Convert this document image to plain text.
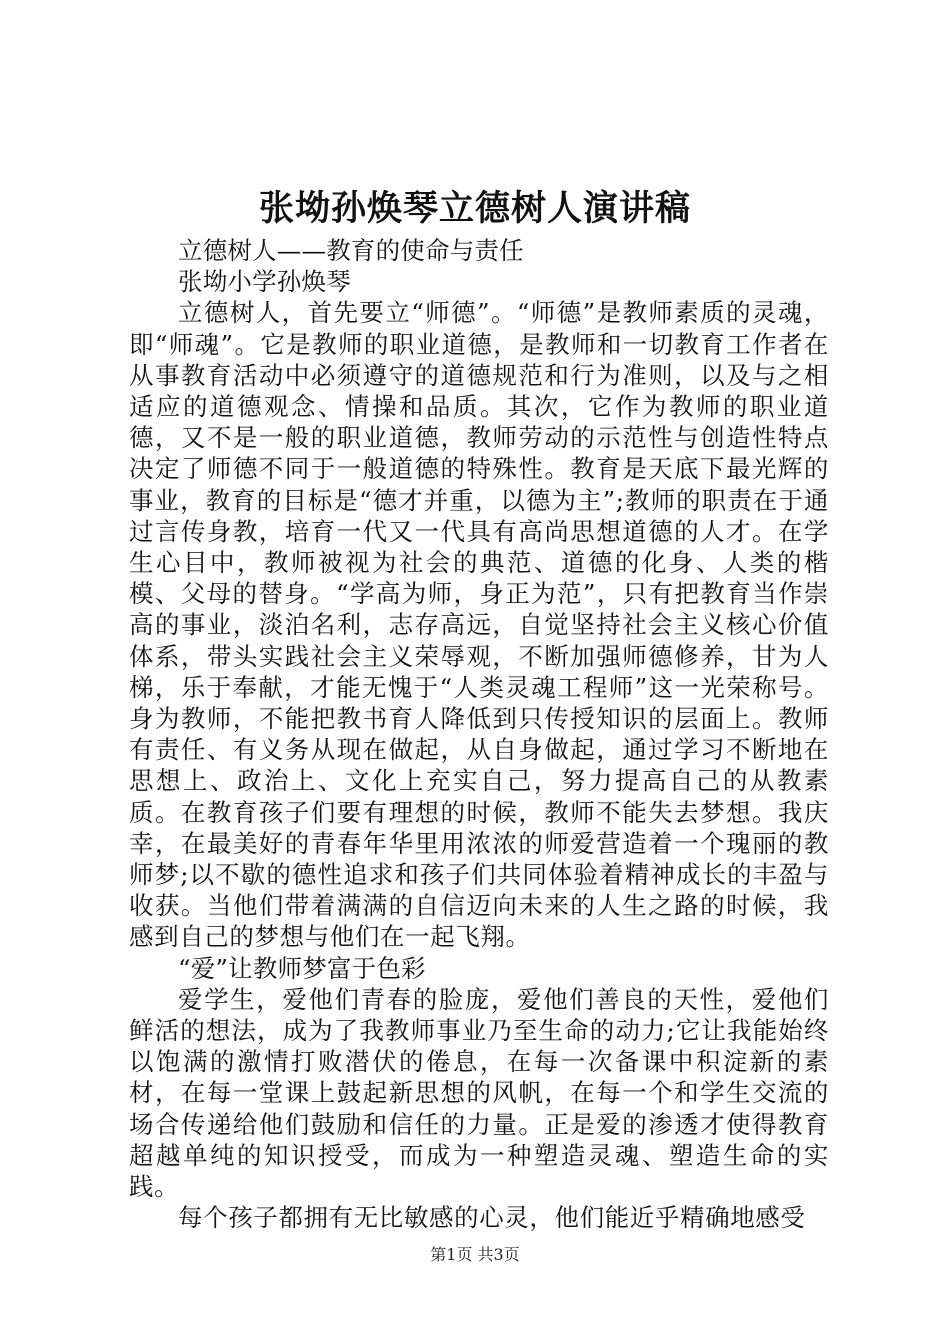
张坳孙焕琴立德树人演讲稿

立德树人——教育的使命与责任

张坳小学孙焕琴

立德树人，首先要立“师德”。“师德”是教师素质的灵魂，即“师魂”。它是教师的职业道德，是教师和一切教育工作者在从事教育活动中必须遵守的道德规范和行为准则，以及与之相适应的道德观念、情操和品质。其次，它作为教师的职业道德，又不是一般的职业道德，教师劳动的示范性与创造性特点决定了师德不同于一般道德的特殊性。教育是天底下最光辉的事业，教育的目标是“德才并重，以德为主”;教师的职责在于通过言传身教，培育一代又一代具有高尚思想道德的人才。在学生心目中，教师被视为社会的典范、道德的化身、人类的楷模、父母的替身。“学高为师，身正为范”，只有把教育当作崇高的事业，淡泊名利，志存高远，自觉坚持社会主义核心价值体系，带头实践社会主义荣辱观，不断加强师德修养，甘为人梯，乐于奉献，才能无愧于“人类灵魂工程师”这一光荣称号。身为教师，不能把教书育人降低到只传授知识的层面上。教师有责任、有义务从现在做起，从自身做起，通过学习不断地在思想上、政治上、文化上充实自己，努力提高自己的从教素质。在教育孩子们要有理想的时候，教师不能失去梦想。我庆幸，在最美好的青春年华里用浓浓的师爱营造着一个瑰丽的教师梦;以不歇的德性追求和孩子们共同体验着精神成长的丰盈与收获。当他们带着满满的自信迈向未来的人生之路的时候，我感到自己的梦想与他们在一起飞翔。

“爱”让教师梦富于色彩

爱学生，爱他们青春的脸庞，爱他们善良的天性，爱他们鲜活的想法，成为了我教师事业乃至生命的动力;它让我能始终以饱满的激情打败潜伏的倦息，在每一次备课中积淀新的素材，在每一堂课上鼓起新思想的风帆，在每一个和学生交流的场合传递给他们鼓励和信任的力量。正是爱的渗透才使得教育超越单纯的知识授受，而成为一种塑造灵魂、塑造生命的实践。

每个孩子都拥有无比敏感的心灵，他们能近乎精确地感受

第1页 共3页
